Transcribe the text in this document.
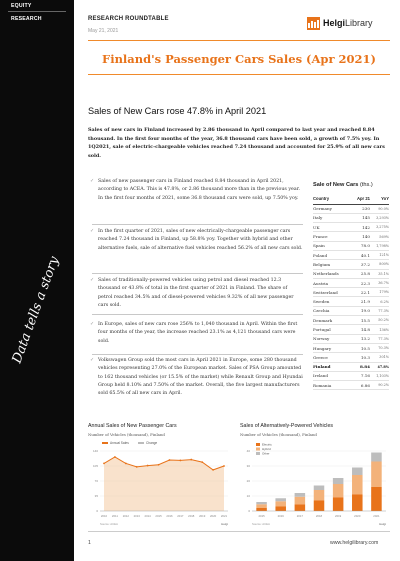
EQUITY
RESEARCH
Data tells a story
RESEARCH ROUNDTABLE
May 21, 2021
HelgiLibrary
Finland's Passenger Cars Sales (Apr 2021)
Sales of New Cars rose 47.8% in April 2021
Sales of new cars in Finland increased by 2.86 thousand in April compared to last year and reached 8.84 thousand. In the first four months of the year, 36.8 thousand cars have been sold, a growth of 7.5% yoy. In 1Q2021, sale of electric-chargeable vehicles reached 7.24 thousand and accounted for 25.9% of all new cars sold.
✓ Sales of new passenger cars in Finland reached 8.84 thousand in April 2021, according to ACEA. This is 47.8%, or 2.86 thousand more than in the previous year. In the first four months of 2021, some 36.8 thousand cars were sold, up 7.50% yoy.
✓ In the first quarter of 2021, sales of new electrically-chargeable passenger cars reached 7.24 thousand in Finland, up 58.8% yoy. Together with hybrid and other alternative fuels, sale of alternative fuel vehicles reached 56.2% of all new cars sold.
✓ Sales of traditionally-powered vehicles using petrol and diesel reached 12.3 thousand or 43.8% of total in the first quarter of 2021 in Finland. The share of petrol reached 34.5% and of diesel-powered vehicles 9.32% of all new passenger cars sold.
✓ In Europe, sales of new cars rose 256% to 1,040 thousand in April. Within the first four months of the year, the increase reached 23.1% as 4,121 thousand cars were sold.
✓ Volkswagen Group sold the most cars in April 2021 in Europe, some 280 thousand vehicles representing 27.0% of the European market. Sales of PSA Group amounted to 162 thousand vehicles (or 15.5% of the market) while Renault Group and Hyundai Group held 8.10% and 7.50% of the market. Overall, the five largest manufacturers sold 65.5% of all new cars in April.
Sale of New Cars (ths.)
Country	Apr 21	YoY
Germany	230	90.0%
Italy	145	3,293%
UK	142	3,275%
France	140	569%
Spain	78.0	1,798%
Poland	40.1	121%
Belgium	37.2	800%
Netherlands	25.8	35.1%
Austria	22.3	36.7%
Switzerland	22.1	179%
Sweden	21.9	6.2%
Czechia	19.0	77.3%
Denmark	15.5	50.2%
Portugal	14.8	136%
Norway	13.2	77.3%
Hungary	10.5	70.3%
Greece	10.3	301%
Finland	8.84	47.8%
Ireland	7.16	1,103%
Romania	6.86	90.2%
Annual Sales of New Passenger Cars
Number of Vehicles (thousand), Finland
0
35
70
105
140
Annual Sales	Change
2010 2011 2012 2013 2014 2015 2016 2017 2018 2019 2020 2021
Source: ACEA	Helgi
Sales of Alternatively-Powered Vehicles
Number of Vehicles (thousand), Finland
0
10
20
30
40
Electric
Hybrid
Other
2015	2016	2017	2018	2019	2020	2021
Source: ACEA	Helgi
1	www.helgilibrary.com
